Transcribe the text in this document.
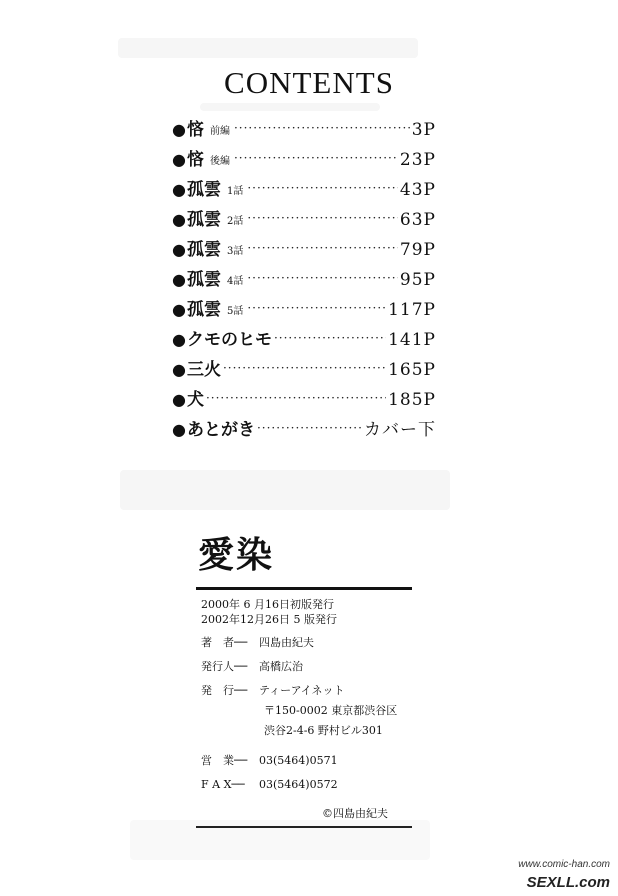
CONTENTS
● 悋 前編 ·····	3P
● 悋 後編 ·····	23P
● 孤雲 1話 ·····	43P
● 孤雲 2話 ·····	63P
● 孤雲 3話 ·····	79P
● 孤雲 4話 ·····	95P
● 孤雲 5話 ·····	117P
● クモのヒモ ·····	141P
● 三火 ·····	165P
● 犬 ·····	185P
● あとがき ·····	カバー下
愛染
2000年 6 月16日初版発行
2002年12月26日 5 版発行
著　者── 四島由紀夫
発行人── 高橋広治
発　行── ティーアイネット
〒150-0002 東京都渋谷区
渋谷2-4-6 野村ビル301
営　業── 03(5464)0571
F A X── 03(5464)0572
©四島由紀夫
www.comic-han.com
SEXLL.com
